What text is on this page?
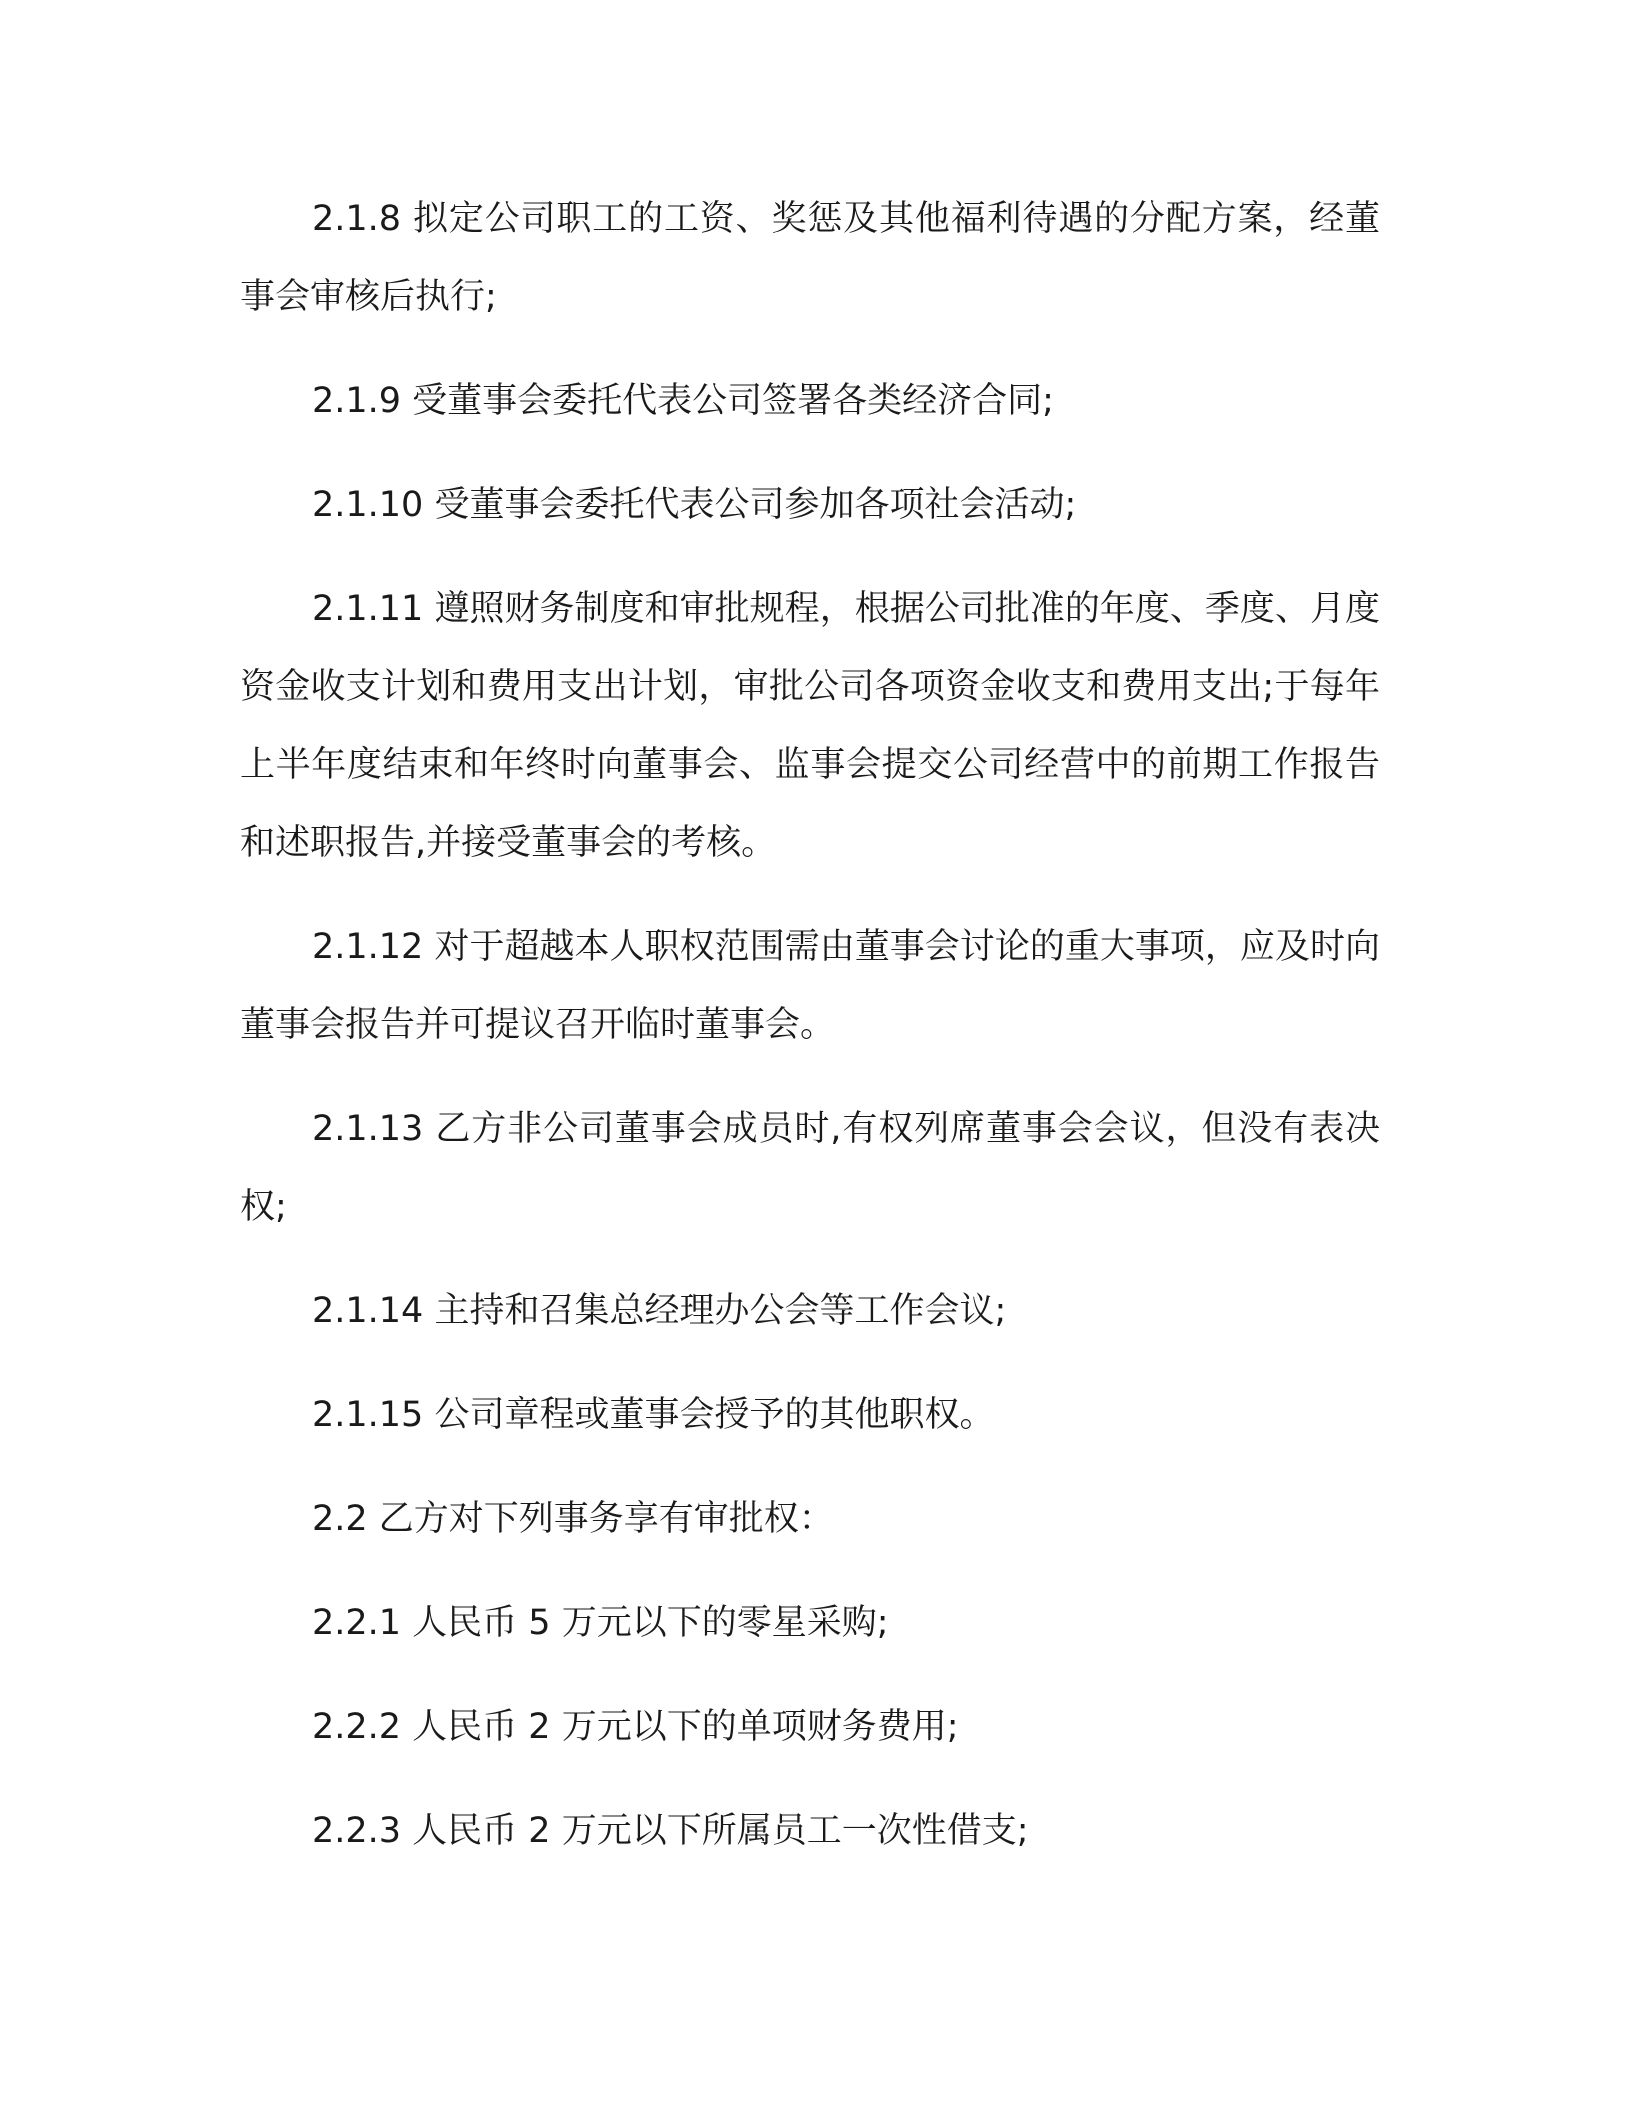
2.1.8 拟定公司职工的工资、奖惩及其他福利待遇的分配方案，经董事会审核后执行;

2.1.9 受董事会委托代表公司签署各类经济合同;

2.1.10 受董事会委托代表公司参加各项社会活动;

2.1.11 遵照财务制度和审批规程，根据公司批准的年度、季度、月度资金收支计划和费用支出计划，审批公司各项资金收支和费用支出;于每年上半年度结束和年终时向董事会、监事会提交公司经营中的前期工作报告和述职报告,并接受董事会的考核。

2.1.12 对于超越本人职权范围需由董事会讨论的重大事项，应及时向董事会报告并可提议召开临时董事会。

2.1.13 乙方非公司董事会成员时,有权列席董事会会议，但没有表决权;

2.1.14 主持和召集总经理办公会等工作会议;

2.1.15 公司章程或董事会授予的其他职权。

2.2 乙方对下列事务享有审批权：

2.2.1 人民币 5 万元以下的零星采购;

2.2.2 人民币 2 万元以下的单项财务费用;

2.2.3 人民币 2 万元以下所属员工一次性借支;
